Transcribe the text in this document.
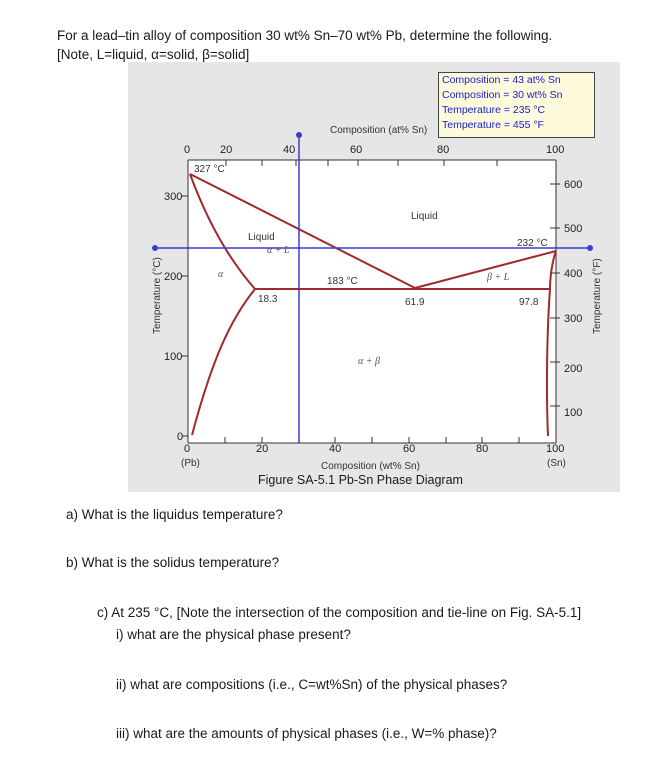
For a lead–tin alloy of composition 30 wt% Sn–70 wt% Pb, determine the following.
[Note, L=liquid, α=solid, β=solid]
Composition (at% Sn)
0	20	40	60	80	100
0	20	40	60	80	100
(Pb)	(Sn)
Composition (wt% Sn)
0
100
200
300
Temperature (°C)
100
200
300
400
500
600
Temperature (°F)
327 °C
232 °C
183 °C
18.3	61.9	97.8
Liquid
Liquid
α + L
α	β + L
α + β
Figure SA-5.1 Pb-Sn Phase Diagram
Composition = 43 at% Sn
Composition = 30 wt% Sn
Temperature = 235 °C
Temperature = 455 °F
a) What is the liquidus temperature?
b) What is the solidus temperature?
c) At 235 °C, [Note the intersection of the composition and tie-line on Fig. SA-5.1]
i) what are the physical phase present?
ii) what are compositions (i.e., C=wt%Sn) of the physical phases?
iii) what are the amounts of physical phases (i.e., W=% phase)?
